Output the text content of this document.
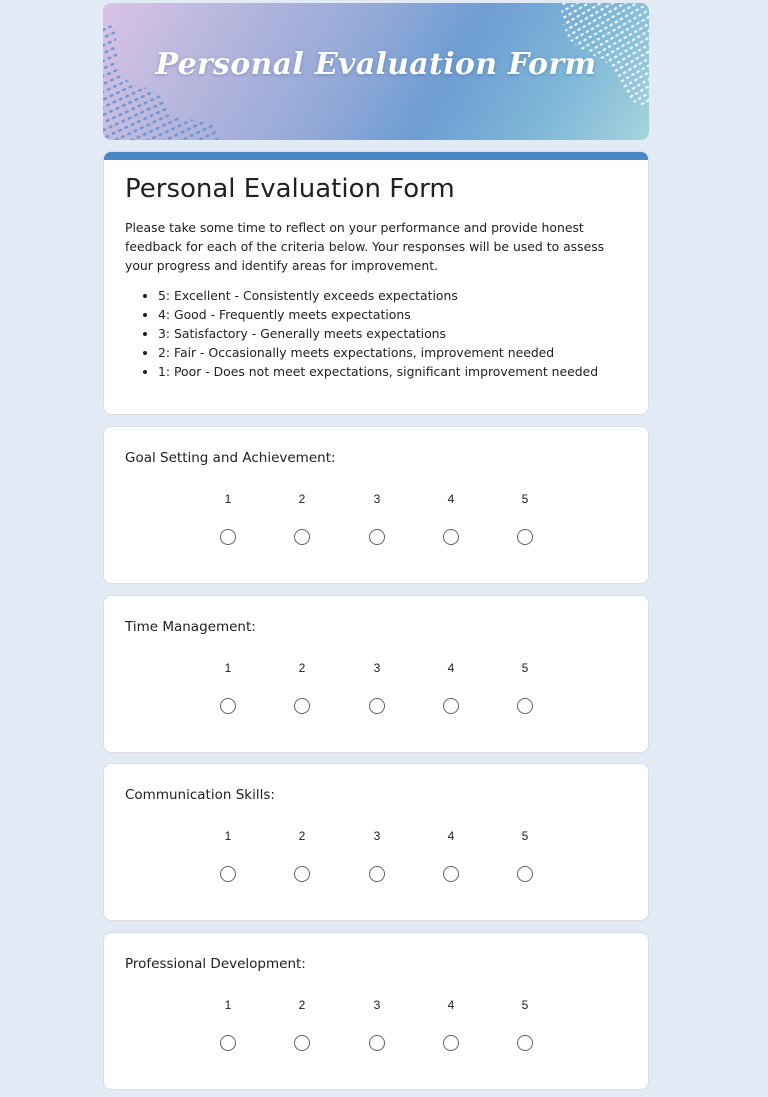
Personal Evaluation Form
Personal Evaluation Form
Please take some time to reflect on your performance and provide honest feedback for each of the criteria below. Your responses will be used to assess your progress and identify areas for improvement.
• 5: Excellent - Consistently exceeds expectations
• 4: Good - Frequently meets expectations
• 3: Satisfactory - Generally meets expectations
• 2: Fair - Occasionally meets expectations, improvement needed
• 1: Poor - Does not meet expectations, significant improvement needed
Goal Setting and Achievement:
1	2	3	4	5
Time Management:
1	2	3	4	5
Communication Skills:
1	2	3	4	5
Professional Development:
1	2	3	4	5
